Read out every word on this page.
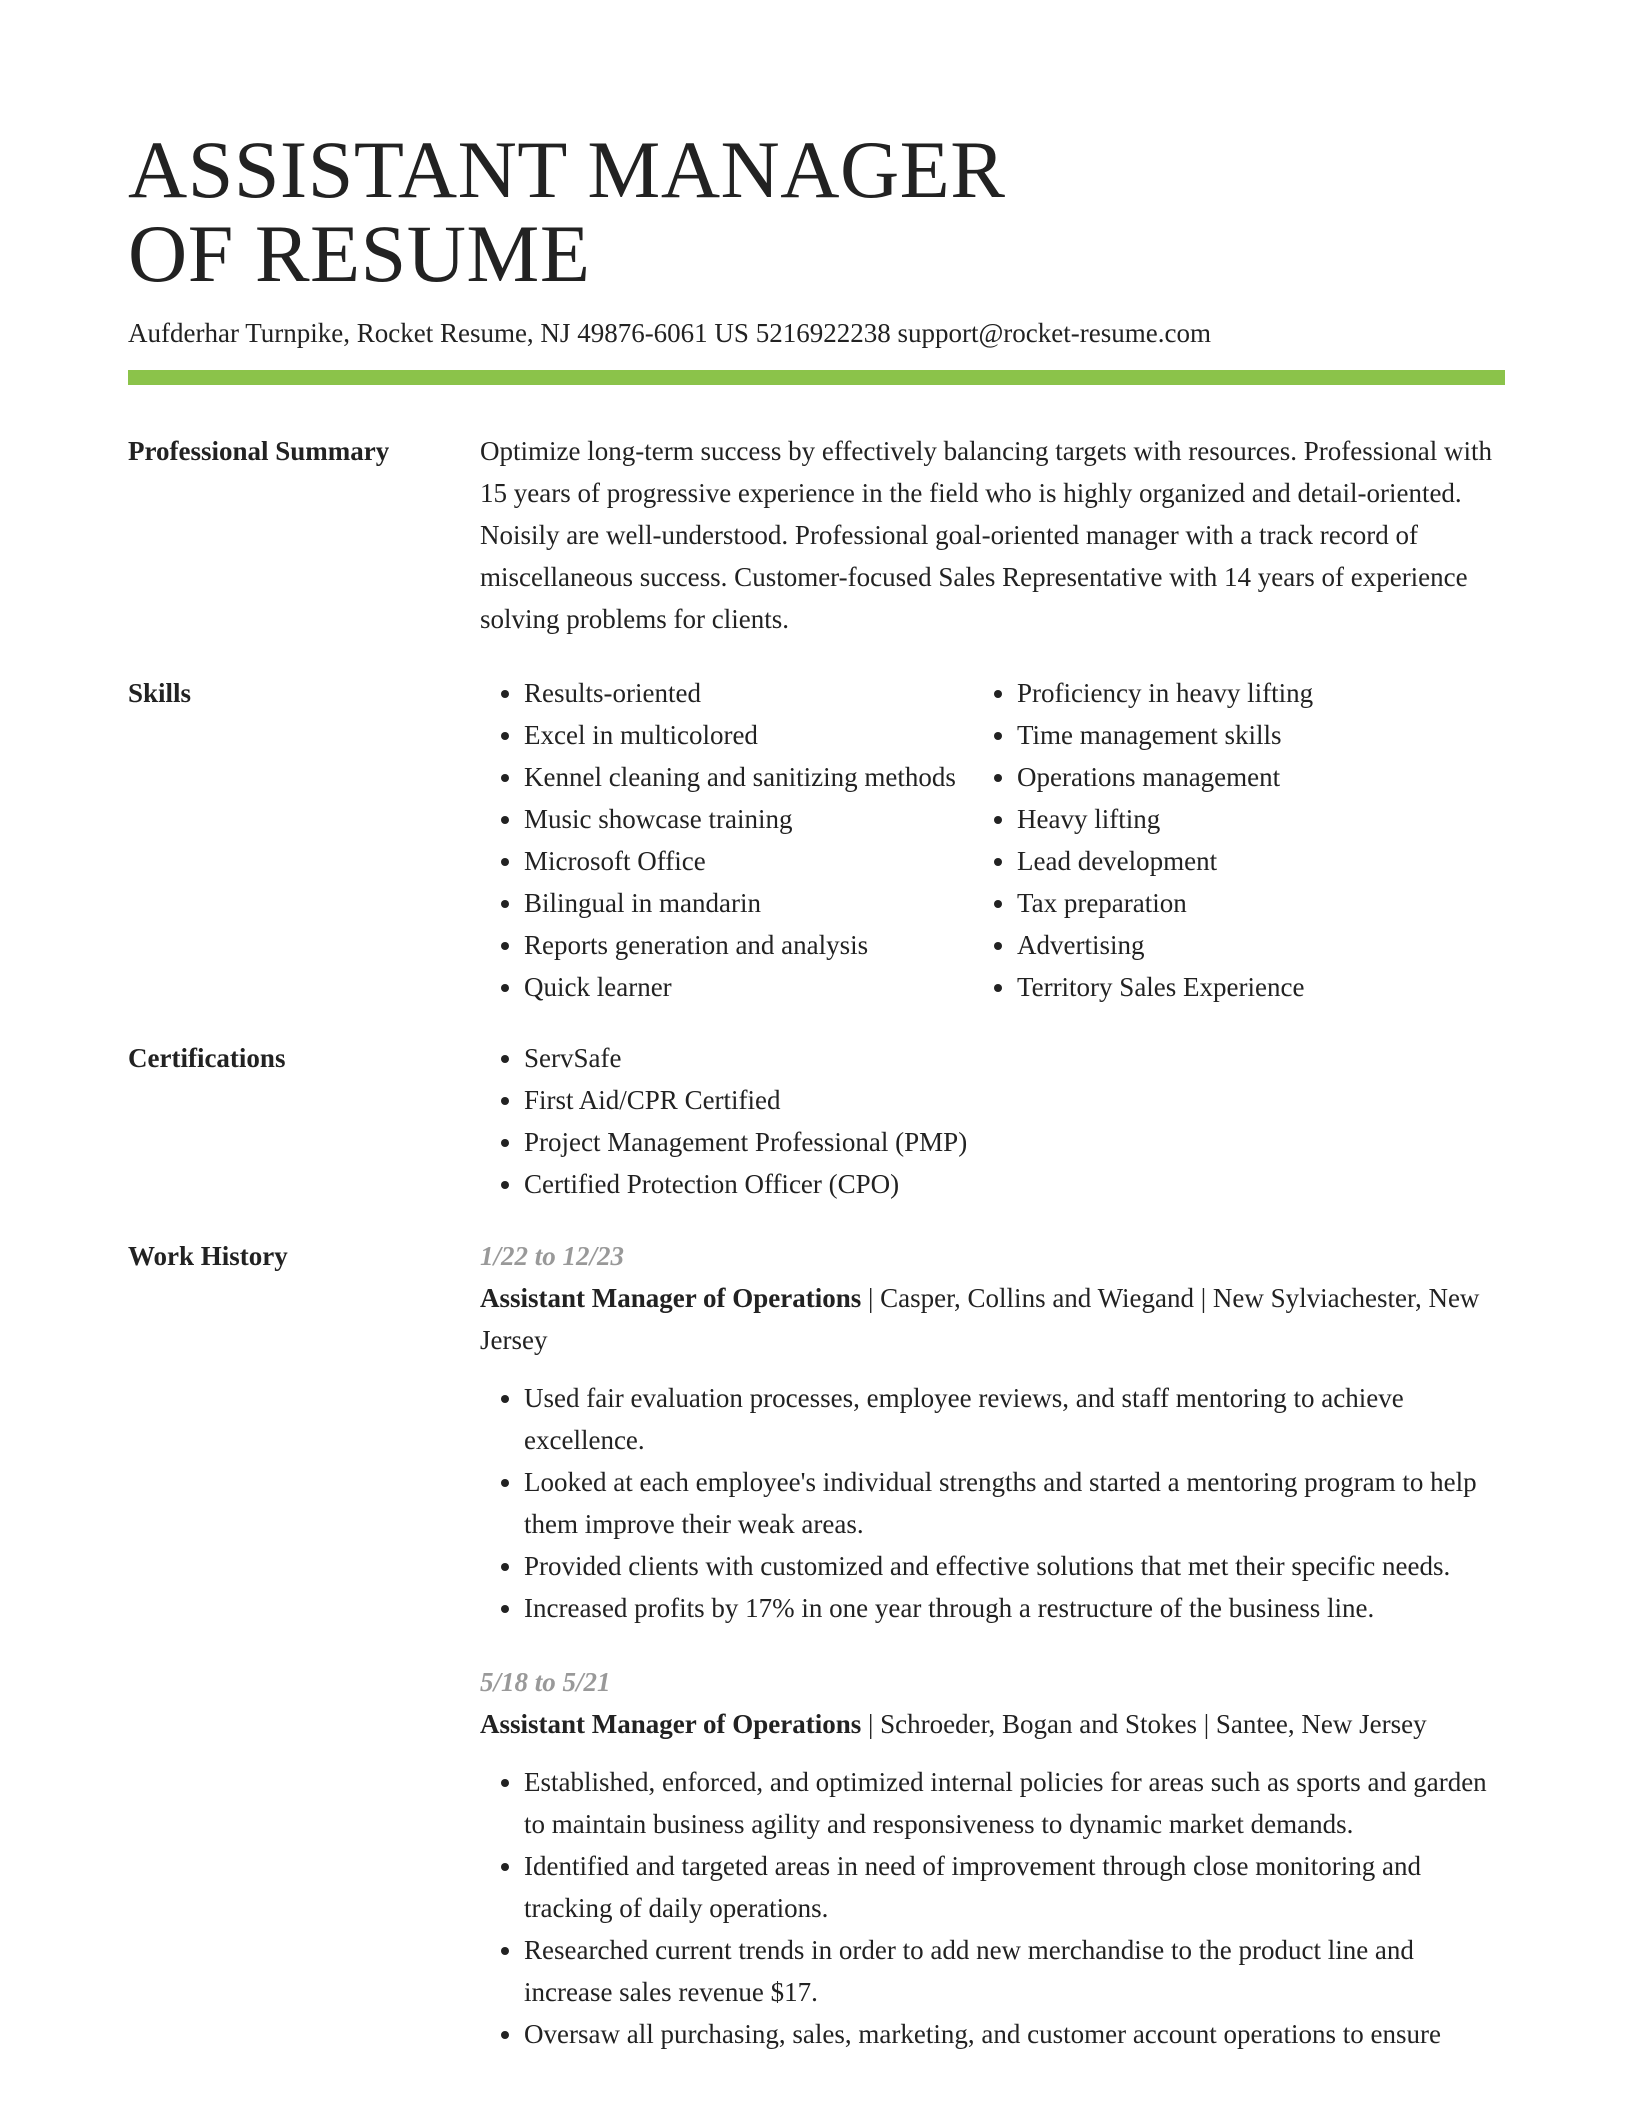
ASSISTANT MANAGER
OF RESUME
Aufderhar Turnpike, Rocket Resume, NJ 49876-6061 US 5216922238 support@rocket-resume.com
Professional Summary	Optimize long-term success by effectively balancing targets with resources. Professional with 15 years of progressive experience in the field who is highly organized and detail-oriented. Noisily are well-understood. Professional goal-oriented manager with a track record of miscellaneous success. Customer-focused Sales Representative with 14 years of experience solving problems for clients.

Skills	• Results-oriented
• Excel in multicolored
• Kennel cleaning and sanitizing methods
• Music showcase training
• Microsoft Office
• Bilingual in mandarin
• Reports generation and analysis
• Quick learner
• Proficiency in heavy lifting
• Time management skills
• Operations management
• Heavy lifting
• Lead development
• Tax preparation
• Advertising
• Territory Sales Experience
Certifications	• ServSafe
• First Aid/CPR Certified
• Project Management Professional (PMP)
• Certified Protection Officer (CPO)
Work History	1/22 to 12/23
Assistant Manager of Operations | Casper, Collins and Wiegand | New Sylviachester, New Jersey
• Used fair evaluation processes, employee reviews, and staff mentoring to achieve excellence.
• Looked at each employee's individual strengths and started a mentoring program to help them improve their weak areas.
• Provided clients with customized and effective solutions that met their specific needs.
• Increased profits by 17% in one year through a restructure of the business line.
5/18 to 5/21
Assistant Manager of Operations | Schroeder, Bogan and Stokes | Santee, New Jersey
• Established, enforced, and optimized internal policies for areas such as sports and garden to maintain business agility and responsiveness to dynamic market demands.
• Identified and targeted areas in need of improvement through close monitoring and tracking of daily operations.
• Researched current trends in order to add new merchandise to the product line and increase sales revenue $17.
• Oversaw all purchasing, sales, marketing, and customer account operations to ensure
